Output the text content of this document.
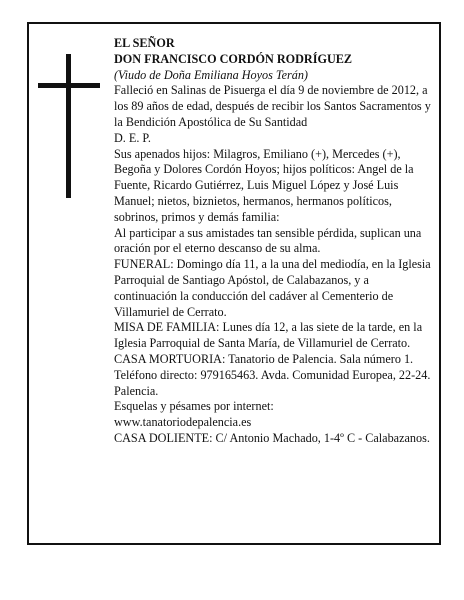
EL SEÑOR

DON FRANCISCO CORDÓN RODRÍGUEZ

(Viudo de Doña Emiliana Hoyos Terán)

Falleció en Salinas de Pisuerga el día 9 de noviembre de 2012, a los 89 años de edad, después de recibir los Santos Sacramentos y la Bendición Apostólica de Su Santidad

D. E. P.

Sus apenados hijos: Milagros, Emiliano (+), Mercedes (+), Begoña y Dolores Cordón Hoyos; hijos políticos: Angel de la Fuente, Ricardo Gutiérrez, Luis Miguel López y José Luis Manuel; nietos, biznietos, hermanos, hermanos políticos, sobrinos, primos y demás familia:

Al participar a sus amistades tan sensible pérdida, suplican una oración por el eterno descanso de su alma.

FUNERAL: Domingo día 11, a la una del mediodía, en la Iglesia Parroquial de Santiago Apóstol, de Calabazanos, y a continuación la conducción del cadáver al Cementerio de Villamuriel de Cerrato.

MISA DE FAMILIA: Lunes día 12, a las siete de la tarde, en la Iglesia Parroquial de Santa María, de Villamuriel de Cerrato.

CASA MORTUORIA: Tanatorio de Palencia. Sala número 1. Teléfono directo: 979165463. Avda. Comunidad Europea, 22-24. Palencia.

Esquelas y pésames por internet:

www.tanatoriodepalencia.es

CASA DOLIENTE: C/ Antonio Machado, 1-4º C - Calabazanos.
